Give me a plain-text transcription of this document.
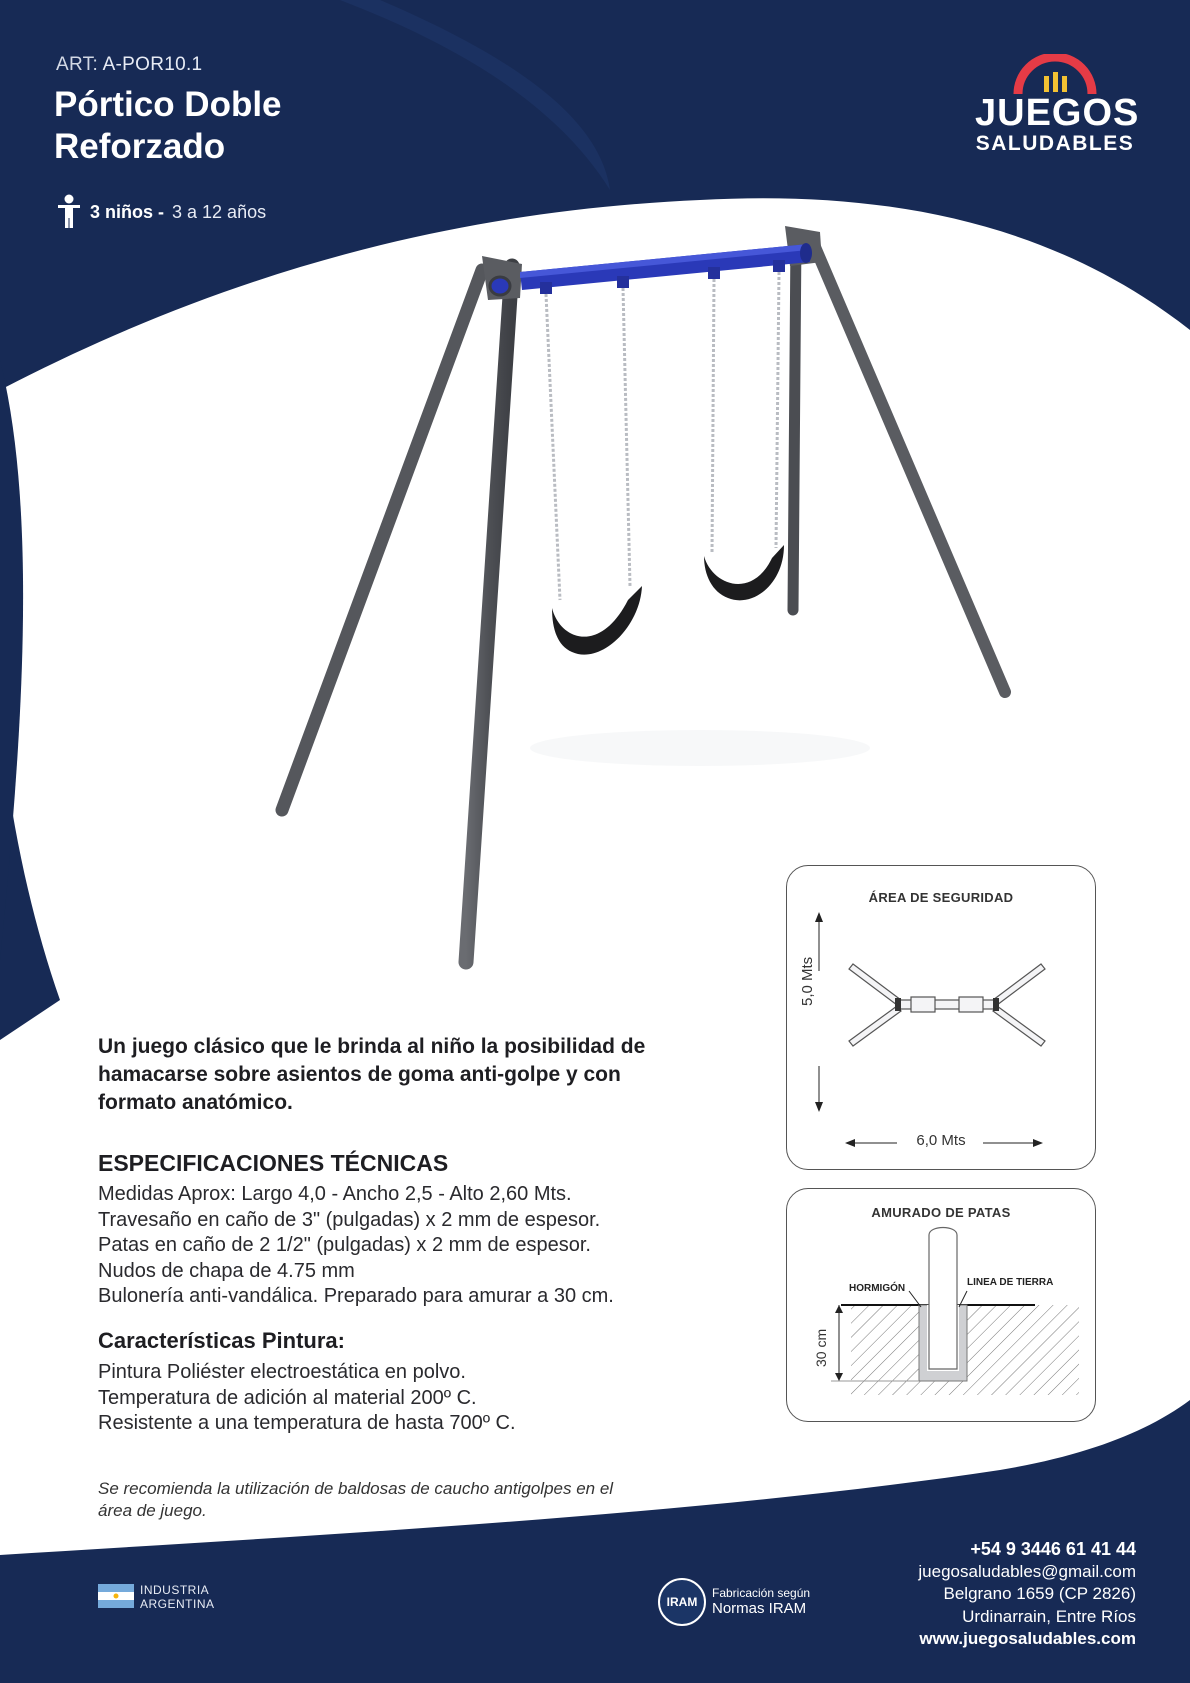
ART: A-POR10.1
Pórtico Doble Reforzado
3 niños - 3 a 12 años
JUEGOS
SALUDABLES
Un juego clásico que le brinda al niño la posibilidad de hamacarse sobre asientos de goma anti-golpe y con formato anatómico.
ESPECIFICACIONES TÉCNICAS
Medidas Aprox: Largo 4,0 - Ancho 2,5 - Alto 2,60 Mts.
Travesaño en caño de 3" (pulgadas) x 2 mm de espesor.
Patas en caño de 2 1/2" (pulgadas) x 2 mm de espesor.
Nudos de chapa de 4.75 mm
Bulonería anti-vandálica. Preparado para amurar a 30 cm.
Características Pintura:
Pintura Poliéster electroestática en polvo.
Temperatura de adición al material 200º C.
Resistente a una temperatura de hasta 700º C.
Se recomienda la utilización de baldosas de caucho antigolpes en el área de juego.
ÁREA DE SEGURIDAD
5,0 Mts
6,0 Mts
AMURADO DE PATAS
HORMIGÓN
LINEA DE TIERRA
30 cm
+54 9 3446 61 41 44
juegosaludables@gmail.com
Belgrano 1659 (CP 2826)
Urdinarrain, Entre Ríos
www.juegosaludables.com
INDUSTRIA
ARGENTINA	IRAM
Fabricación según
Normas IRAM
